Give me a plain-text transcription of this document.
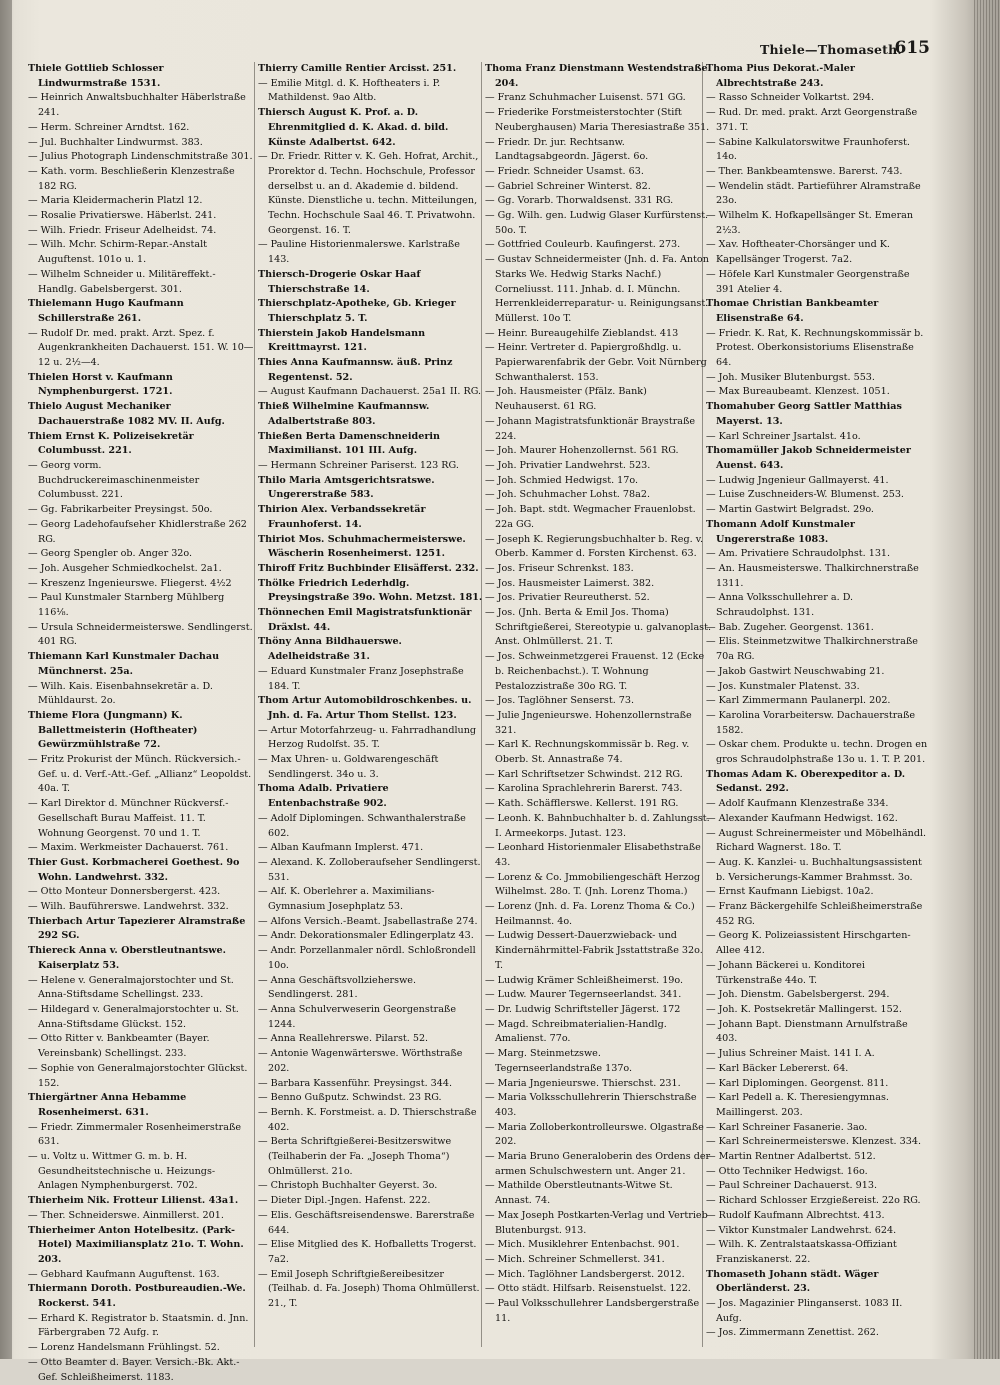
Thiele—Thomaseth.
615
Thiele Gottlieb Schlosser Lindwurmstraße 1531.
— Heinrich Anwaltsbuchhalter Häberlstraße 241.
— Herm. Schreiner Arndtst. 162.
— Jul. Buchhalter Lindwurmst. 383.
— Julius Photograph Lindenschmitstraße 301.
— Kath. vorm. Beschließerin Klenzestraße 182 RG.
— Maria Kleidermacherin Platzl 12.
— Rosalie Privatierswe. Häberlst. 241.
— Wilh. Friedr. Friseur Adelheidst. 74.
— Wilh. Mchr. Schirm-Repar.-Anstalt Auguftenst. 101o u. 1.
— Wilhelm Schneider u. Militäreffekt.-Handlg. Gabelsbergerst. 301.
Thielemann Hugo Kaufmann Schillerstraße 261.
— Rudolf Dr. med. prakt. Arzt. Spez. f. Augenkrankheiten Dachauerst. 151. W. 10—12 u. 2½—4.
Thielen Horst v. Kaufmann Nymphenburgerst. 1721.
Thielo August Mechaniker Dachauerstraße 1082 MV. II. Aufg.
Thiem Ernst K. Polizeisekretär Columbusst. 221.
— Georg vorm. Buchdruckereimaschinenmeister Columbusst. 221.
— Gg. Fabrikarbeiter Preysingst. 50o.
— Georg Ladehofaufseher Khidlerstraße 262 RG.
— Georg Spengler ob. Anger 32o.
— Joh. Ausgeher Schmiedkochelst. 2a1.
— Kreszenz Ingenieurswe. Fliegerst. 4½2
— Paul Kunstmaler Starnberg Mühlberg 116⅛.
— Ursula Schneidermeisterswe. Sendlingerst. 401 RG.
Thiemann Karl Kunstmaler Dachau Münchnerst. 25a.
— Wilh. Kais. Eisenbahnsekretär a. D. Mühldaurst. 2o.
Thieme Flora (Jungmann) K. Ballettmeisterin (Hoftheater) Gewürzmühlstraße 72.
— Fritz Prokurist der Münch. Rückversich.-Gef. u. d. Verf.-Att.-Gef. „Allianz“ Leopoldst. 40a. T.
— Karl Direktor d. Münchner Rückversf.-Gesellschaft Burau Maffeist. 11. T. Wohnung Georgenst. 70 und 1. T.
— Maxim. Werkmeister Dachauerst. 761.
Thier Gust. Korbmacherei Goethest. 9o Wohn. Landwehrst. 332.
— Otto Monteur Donnersbergerst. 423.
— Wilh. Bauführerswe. Landwehrst. 332.
Thierbach Artur Tapezierer Alramstraße 292 SG.
Thiereck Anna v. Oberstleutnantswe. Kaiserplatz 53.
— Helene v. Generalmajorstochter und St. Anna-Stiftsdame Schellingst. 233.
— Hildegard v. Generalmajorstochter u. St. Anna-Stiftsdame Glückst. 152.
— Otto Ritter v. Bankbeamter (Bayer. Vereinsbank) Schellingst. 233.
— Sophie von Generalmajorstochter Glückst. 152.
Thiergärtner Anna Hebamme Rosenheimerst. 631.
— Friedr. Zimmermaler Rosenheimerstraße 631.
— u. Voltz u. Wittmer G. m. b. H. Gesundheitstechnische u. Heizungs-Anlagen Nymphenburgerst. 702.
Thierheim Nik. Frotteur Lilienst. 43a1.
— Ther. Schneiderswe. Ainmillerst. 201.
Thierheimer Anton Hotelbesitz. (Park-Hotel) Maximiliansplatz 21o. T. Wohn. 203.
— Gebhard Kaufmann Auguftenst. 163.
Thiermann Doroth. Postbureaudien.-We. Rockerst. 541.
— Erhard K. Registrator b. Staatsmin. d. Jnn. Färbergraben 72 Aufg. r.
— Lorenz Handelsmann Frühlingst. 52.
— Otto Beamter d. Bayer. Versich.-Bk. Akt.-Gef. Schleißheimerst. 1183.
Thierry Camille Rentier Arcisst. 251.
— Emilie Mitgl. d. K. Hoftheaters i. P. Mathildenst. 9ao Altb.
Thiersch August K. Prof. a. D. Ehrenmitglied d. K. Akad. d. bild. Künste Adalbertst. 642.
— Dr. Friedr. Ritter v. K. Geh. Hofrat, Archit., Prorektor d. Techn. Hochschule, Professor derselbst u. an d. Akademie d. bildend. Künste. Dienstliche u. techn. Mitteilungen, Techn. Hochschule Saal 46. T. Privatwohn. Georgenst. 16. T.
— Pauline Historienmalerswe. Karlstraße 143.
Thiersch-Drogerie Oskar Haaf Thierschstraße 14.
Thierschplatz-Apotheke, Gb. Krieger Thierschplatz 5. T.
Thierstein Jakob Handelsmann Kreittmayrst. 121.
Thies Anna Kaufmannsw. äuß. Prinz Regentenst. 52.
— August Kaufmann Dachauerst. 25a1 II. RG.
Thieß Wilhelmine Kaufmannsw. Adalbertstraße 803.
Thießen Berta Damenschneiderin Maximilianst. 101 III. Aufg.
— Hermann Schreiner Pariserst. 123 RG.
Thilo Maria Amtsgerichtsratswe. Ungererstraße 583.
Thirion Alex. Verbandssekretär Fraunhoferst. 14.
Thiriot Mos. Schuhmachermeisterswe. Wäscherin Rosenheimerst. 1251.
Thiroff Fritz Buchbinder Elisäfferst. 232.
Thölke Friedrich Lederhdlg. Preysingstraße 39o. Wohn. Metzst. 181.
Thönnechen Emil Magistratsfunktionär Dräxlst. 44.
Thöny Anna Bildhauerswe. Adelheidstraße 31.
— Eduard Kunstmaler Franz Josephstraße 184. T.
Thom Artur Automobildroschkenbes. u. Jnh. d. Fa. Artur Thom Stellst. 123.
— Artur Motorfahrzeug- u. Fahrradhandlung Herzog Rudolfst. 35. T.
— Max Uhren- u. Goldwarengeschäft Sendlingerst. 34o u. 3.
Thoma Adalb. Privatiere Entenbachstraße 902.
— Adolf Diplomingen. Schwanthalerstraße 602.
— Alban Kaufmann Implerst. 471.
— Alexand. K. Zolloberaufseher Sendlingerst. 531.
— Alf. K. Oberlehrer a. Maximilians-Gymnasium Josephplatz 53.
— Alfons Versich.-Beamt. Jsabellastraße 274.
— Andr. Dekorationsmaler Edlingerplatz 43.
— Andr. Porzellanmaler nördl. Schloßrondell 10o.
— Anna Geschäftsvollzieherswe. Sendlingerst. 281.
— Anna Schulverweserin Georgenstraße 1244.
— Anna Reallehrerswe. Pilarst. 52.
— Antonie Wagenwärterswe. Wörthstraße 202.
— Barbara Kassenführ. Preysingst. 344.
— Benno Gußputz. Schwindst. 23 RG.
— Bernh. K. Forstmeist. a. D. Thierschstraße 402.
— Berta Schriftgießerei-Besitzerswitwe (Teilhaberin der Fa. „Joseph Thoma“) Ohlmüllerst. 21o.
— Christoph Buchhalter Geyerst. 3o.
— Dieter Dipl.-Jngen. Hafenst. 222.
— Elis. Geschäftsreisendenswe. Barerstraße 644.
— Elise Mitglied des K. Hofballetts Trogerst. 7a2.
— Emil Joseph Schriftgießereibesitzer (Teilhab. d. Fa. Joseph) Thoma Ohlmüllerst. 21., T.
Thoma Franz Dienstmann Westendstraße 204.
— Franz Schuhmacher Luisenst. 571 GG.
— Friederike Forstmeisterstochter (Stift Neuberghausen) Maria Theresiastraße 351.
— Friedr. Dr. jur. Rechtsanw. Landtagsabgeordn. Jägerst. 6o.
— Friedr. Schneider Usamst. 63.
— Gabriel Schreiner Winterst. 82.
— Gg. Vorarb. Thorwaldsenst. 331 RG.
— Gg. Wilh. gen. Ludwig Glaser Kurfürstenst. 50o. T.
— Gottfried Couleurb. Kaufingerst. 273.
— Gustav Schneidermeister (Jnh. d. Fa. Anton Starks We. Hedwig Starks Nachf.) Corneliusst. 111. Jnhab. d. I. Münchn. Herrenkleiderreparatur- u. Reinigungsanst. Müllerst. 10o T.
— Heinr. Bureaugehilfe Zieblandst. 413
— Heinr. Vertreter d. Papiergroßhdlg. u. Papierwarenfabrik der Gebr. Voit Nürnberg Schwanthalerst. 153.
— Joh. Hausmeister (Pfälz. Bank) Neuhauserst. 61 RG.
— Johann Magistratsfunktionär Braystraße 224.
— Joh. Maurer Hohenzollernst. 561 RG.
— Joh. Privatier Landwehrst. 523.
— Joh. Schmied Hedwigst. 17o.
— Joh. Schuhmacher Lohst. 78a2.
— Joh. Bapt. stdt. Wegmacher Frauenlobst. 22a GG.
— Joseph K. Regierungsbuchhalter b. Reg. v. Oberb. Kammer d. Forsten Kirchenst. 63.
— Jos. Friseur Schrenkst. 183.
— Jos. Hausmeister Laimerst. 382.
— Jos. Privatier Reureutherst. 52.
— Jos. (Jnh. Berta & Emil Jos. Thoma) Schriftgießerei, Stereotypie u. galvanoplast. Anst. Ohlmüllerst. 21. T.
— Jos. Schweinmetzgerei Frauenst. 12 (Ecke b. Reichenbachst.). T. Wohnung Pestalozzistraße 30o RG. T.
— Jos. Taglöhner Senserst. 73.
— Julie Jngenieurswe. Hohenzollernstraße 321.
— Karl K. Rechnungskommissär b. Reg. v. Oberb. St. Annastraße 74.
— Karl Schriftsetzer Schwindst. 212 RG.
— Karolina Sprachlehrerin Barerst. 743.
— Kath. Schäfflerswe. Kellerst. 191 RG.
— Leonh. K. Bahnbuchhalter b. d. Zahlungsst. I. Armeekorps. Jutast. 123.
— Leonhard Historienmaler Elisabethstraße 43.
— Lorenz & Co. Jmmobiliengeschäft Herzog Wilhelmst. 28o. T. (Jnh. Lorenz Thoma.)
— Lorenz (Jnh. d. Fa. Lorenz Thoma & Co.) Heilmannst. 4o.
— Ludwig Dessert-Dauerzwieback- und Kindernährmittel-Fabrik Jsstattstraße 32o. T.
— Ludwig Krämer Schleißheimerst. 19o.
— Ludw. Maurer Tegernseerlandst. 341.
— Dr. Ludwig Schriftsteller Jägerst. 172
— Magd. Schreibmaterialien-Handlg. Amalienst. 77o.
— Marg. Steinmetzswe. Tegernseerlandstraße 137o.
— Maria Jngenieurswe. Thierschst. 231.
— Maria Volksschullehrerin Thierschstraße 403.
— Maria Zolloberkontrolleurswe. Olgastraße 202.
— Maria Bruno Generaloberin des Ordens der armen Schulschwestern unt. Anger 21.
— Mathilde Oberstleutnants-Witwe St. Annast. 74.
— Max Joseph Postkarten-Verlag und Vertrieb Blutenburgst. 913.
— Mich. Musiklehrer Entenbachst. 901.
— Mich. Schreiner Schmellerst. 341.
— Mich. Taglöhner Landsbergerst. 2012.
— Otto städt. Hilfsarb. Reisenstuelst. 122.
— Paul Volksschullehrer Landsbergerstraße 11.
Thoma Pius Dekorat.-Maler Albrechtstraße 243.
— Rasso Schneider Volkartst. 294.
— Rud. Dr. med. prakt. Arzt Georgenstraße 371. T.
— Sabine Kalkulatorswitwe Fraunhoferst. 14o.
— Ther. Bankbeamtenswe. Barerst. 743.
— Wendelin städt. Partieführer Alramstraße 23o.
— Wilhelm K. Hofkapellsänger St. Emeran 2½3.
— Xav. Hoftheater-Chorsänger und K. Kapellsänger Trogerst. 7a2.
— Höfele Karl Kunstmaler Georgenstraße 391 Atelier 4.
Thomae Christian Bankbeamter Elisenstraße 64.
— Friedr. K. Rat, K. Rechnungskommissär b. Protest. Oberkonsistoriums Elisenstraße 64.
— Joh. Musiker Blutenburgst. 553.
— Max Bureaubeamt. Klenzest. 1051.
Thomahuber Georg Sattler Matthias Mayerst. 13.
— Karl Schreiner Jsartalst. 41o.
Thomamüller Jakob Schneidermeister Auenst. 643.
— Ludwig Jngenieur Gallmayerst. 41.
— Luise Zuschneiders-W. Blumenst. 253.
— Martin Gastwirt Belgradst. 29o.
Thomann Adolf Kunstmaler Ungererstraße 1083.
— Am. Privatiere Schraudolphst. 131.
— An. Hausmeisterswe. Thalkirchnerstraße 1311.
— Anna Volksschullehrer a. D. Schraudolphst. 131.
— Bab. Zugeher. Georgenst. 1361.
— Elis. Steinmetzwitwe Thalkirchnerstraße 70a RG.
— Jakob Gastwirt Neuschwabing 21.
— Jos. Kunstmaler Platenst. 33.
— Karl Zimmermann Paulanerpl. 202.
— Karolina Vorarbeitersw. Dachauerstraße 1582.
— Oskar chem. Produkte u. techn. Drogen en gros Schraudolphstraße 13o u. 1. T. P. 201.
Thomas Adam K. Oberexpeditor a. D. Sedanst. 292.
— Adolf Kaufmann Klenzestraße 334.
— Alexander Kaufmann Hedwigst. 162.
— August Schreinermeister und Möbelhändl. Richard Wagnerst. 18o. T.
— Aug. K. Kanzlei- u. Buchhaltungsassistent b. Versicherungs-Kammer Brahmsst. 3o.
— Ernst Kaufmann Liebigst. 10a2.
— Franz Bäckergehilfe Schleißheimerstraße 452 RG.
— Georg K. Polizeiassistent Hirschgarten-Allee 412.
— Johann Bäckerei u. Konditorei Türkenstraße 44o. T.
— Joh. Dienstm. Gabelsbergerst. 294.
— Joh. K. Postsekretär Mallingerst. 152.
— Johann Bapt. Dienstmann Arnulfstraße 403.
— Julius Schreiner Maist. 141 I. A.
— Karl Bäcker Lebererst. 64.
— Karl Diplomingen. Georgenst. 811.
— Karl Pedell a. K. Theresiengymnas. Maillingerst. 203.
— Karl Schreiner Fasanerie. 3ao.
— Karl Schreinermeisterswe. Klenzest. 334.
— Martin Rentner Adalbertst. 512.
— Otto Techniker Hedwigst. 16o.
— Paul Schreiner Dachauerst. 913.
— Richard Schlosser Erzgießereist. 22o RG.
— Rudolf Kaufmann Albrechtst. 413.
— Viktor Kunstmaler Landwehrst. 624.
— Wilh. K. Zentralstaatskassa-Offiziant Franziskanerst. 22.
Thomaseth Johann städt. Wäger Oberländerst. 23.
— Jos. Magazinier Plinganserst. 1083 II. Aufg.
— Jos. Zimmermann Zenettist. 262.
